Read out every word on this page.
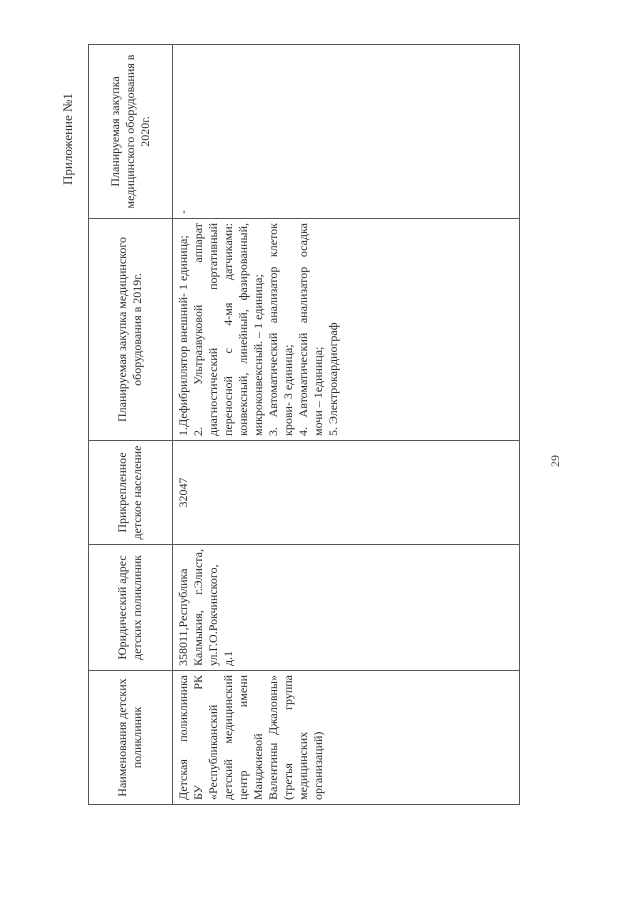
Приложение №1
Наименования детских поликлиник	Юридический адрес детских поликлиник	Прикрепленное детское население	Планируемая закупка медицинского оборудования в 2019г.	Планируемая закупка медицинского оборудования в 2020г.
Детская поликлиника БУ РК «Республиканский детский медицинский центр имени Манджиевой Валентины Джаловны» (третья группа медицинских организаций)	358011,Республика Калмыкия, г.Элиста, ул.Г.О.Рокчинского, д.1	32047	1.Дефибриллятор внешний- 1 единица; 2. Ультразвуковой аппарат диагностический портативный переносной с 4-мя датчиками: конвексный, линейный, фазированный, микроконвексный. – 1 единица; 3. Автоматический анализатор клеток крови- 3 единица; 4. Автоматический анализатор осадка мочи – 1единица; 5. Электрокардиограф	-
29
